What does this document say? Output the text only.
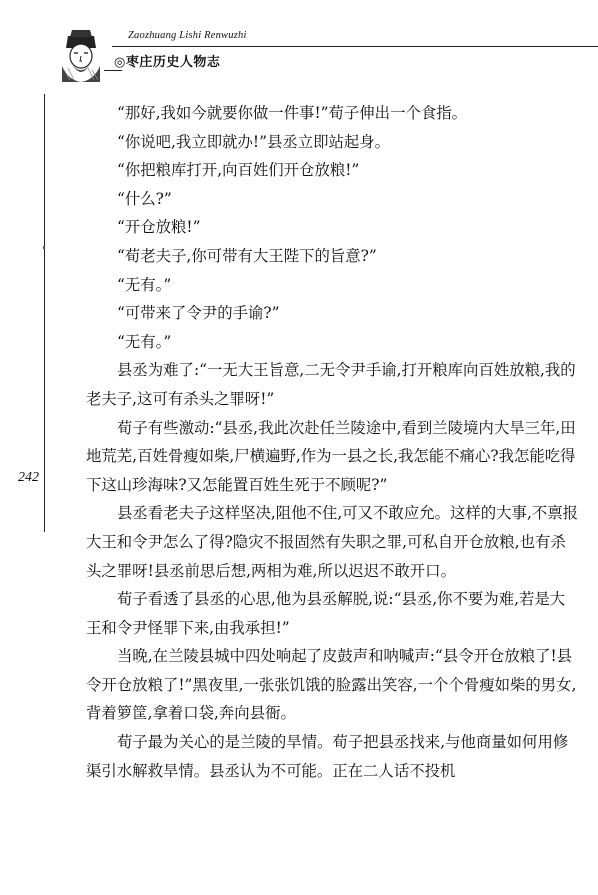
Zaozhuang Lishi Renwuzhi
◎枣庄历史人物志
242

“那好,我如今就要你做一件事!”荀子伸出一个食指。

“你说吧,我立即就办!”县丞立即站起身。

“你把粮库打开,向百姓们开仓放粮!”

“什么?”

“开仓放粮!”

“荀老夫子,你可带有大王陛下的旨意?”

“无有。”

“可带来了令尹的手谕?”

“无有。”

县丞为难了:“一无大王旨意,二无令尹手谕,打开粮库向百姓放粮,我的老夫子,这可有杀头之罪呀!”

荀子有些激动:“县丞,我此次赴任兰陵途中,看到兰陵境内大旱三年,田地荒芜,百姓骨瘦如柴,尸横遍野,作为一县之长,我怎能不痛心?我怎能吃得下这山珍海味?又怎能置百姓生死于不顾呢?”

县丞看老夫子这样坚决,阻他不住,可又不敢应允。这样的大事,不禀报大王和令尹怎么了得?隐灾不报固然有失职之罪,可私自开仓放粮,也有杀头之罪呀!县丞前思后想,两相为难,所以迟迟不敢开口。

荀子看透了县丞的心思,他为县丞解脱,说:“县丞,你不要为难,若是大王和令尹怪罪下来,由我承担!”

当晚,在兰陵县城中四处响起了皮鼓声和呐喊声:“县令开仓放粮了!县令开仓放粮了!”黑夜里,一张张饥饿的脸露出笑容,一个个骨瘦如柴的男女,背着箩筐,拿着口袋,奔向县衙。

荀子最为关心的是兰陵的旱情。荀子把县丞找来,与他商量如何用修渠引水解救旱情。县丞认为不可能。正在二人话不投机
